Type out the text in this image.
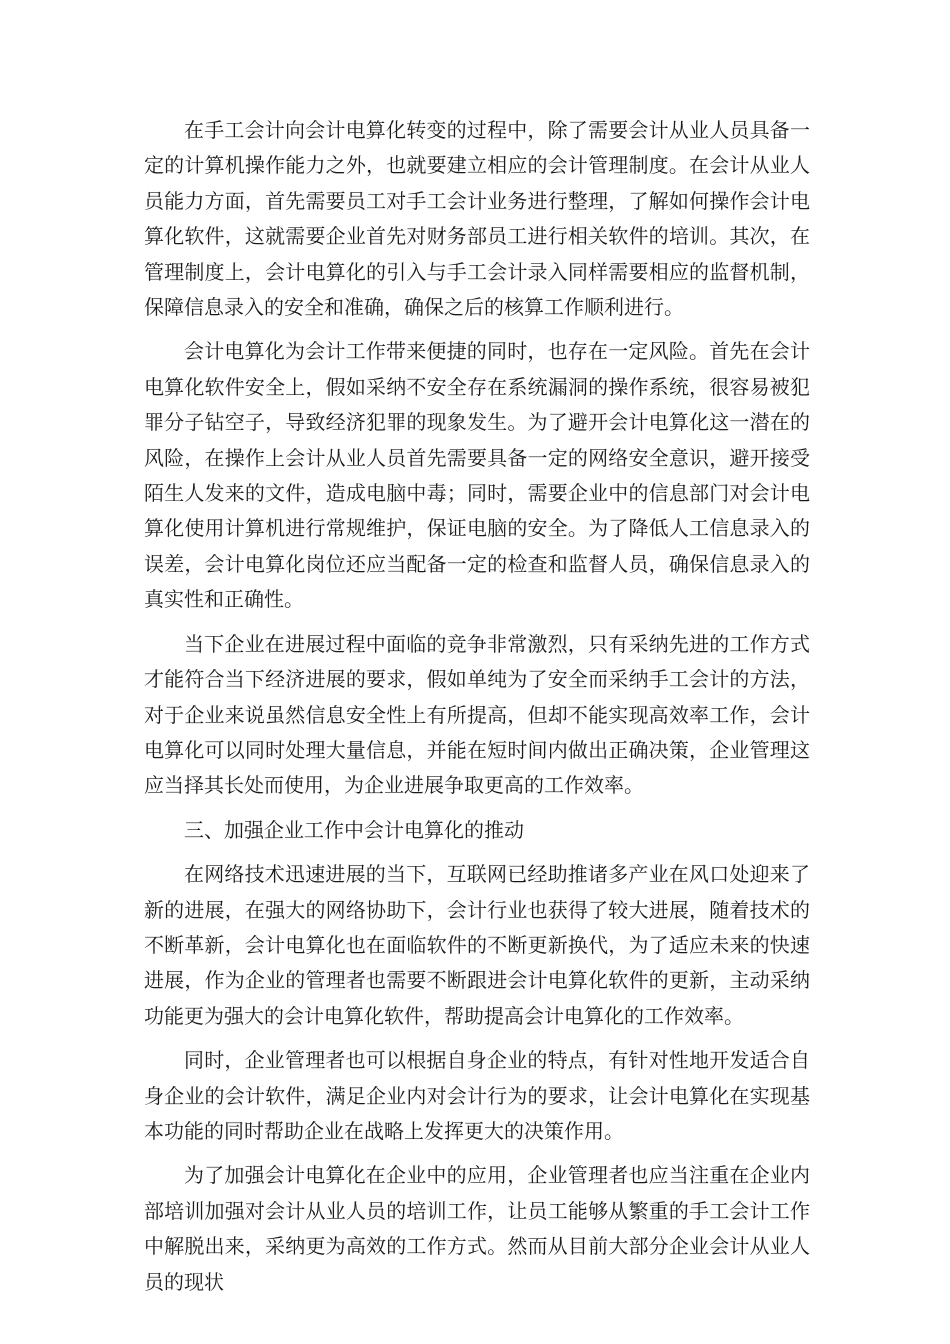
在手工会计向会计电算化转变的过程中，除了需要会计从业人员具备一定的计算机操作能力之外，也就要建立相应的会计管理制度。在会计从业人员能力方面，首先需要员工对手工会计业务进行整理，了解如何操作会计电算化软件，这就需要企业首先对财务部员工进行相关软件的培训。其次，在管理制度上，会计电算化的引入与手工会计录入同样需要相应的监督机制，保障信息录入的安全和准确，确保之后的核算工作顺利进行。

会计电算化为会计工作带来便捷的同时，也存在一定风险。首先在会计电算化软件安全上，假如采纳不安全存在系统漏洞的操作系统，很容易被犯罪分子钻空子，导致经济犯罪的现象发生。为了避开会计电算化这一潜在的风险，在操作上会计从业人员首先需要具备一定的网络安全意识，避开接受陌生人发来的文件，造成电脑中毒；同时，需要企业中的信息部门对会计电算化使用计算机进行常规维护，保证电脑的安全。为了降低人工信息录入的误差，会计电算化岗位还应当配备一定的检查和监督人员，确保信息录入的真实性和正确性。

当下企业在进展过程中面临的竞争非常激烈，只有采纳先进的工作方式才能符合当下经济进展的要求，假如单纯为了安全而采纳手工会计的方法，对于企业来说虽然信息安全性上有所提高，但却不能实现高效率工作，会计电算化可以同时处理大量信息，并能在短时间内做出正确决策，企业管理这应当择其长处而使用，为企业进展争取更高的工作效率。

三、加强企业工作中会计电算化的推动

在网络技术迅速进展的当下，互联网已经助推诸多产业在风口处迎来了新的进展，在强大的网络协助下，会计行业也获得了较大进展，随着技术的不断革新，会计电算化也在面临软件的不断更新换代，为了适应未来的快速进展，作为企业的管理者也需要不断跟进会计电算化软件的更新，主动采纳功能更为强大的会计电算化软件，帮助提高会计电算化的工作效率。

同时，企业管理者也可以根据自身企业的特点，有针对性地开发适合自身企业的会计软件，满足企业内对会计行为的要求，让会计电算化在实现基本功能的同时帮助企业在战略上发挥更大的决策作用。

为了加强会计电算化在企业中的应用，企业管理者也应当注重在企业内部培训加强对会计从业人员的培训工作，让员工能够从繁重的手工会计工作中解脱出来，采纳更为高效的工作方式。然而从目前大部分企业会计从业人员的现状
